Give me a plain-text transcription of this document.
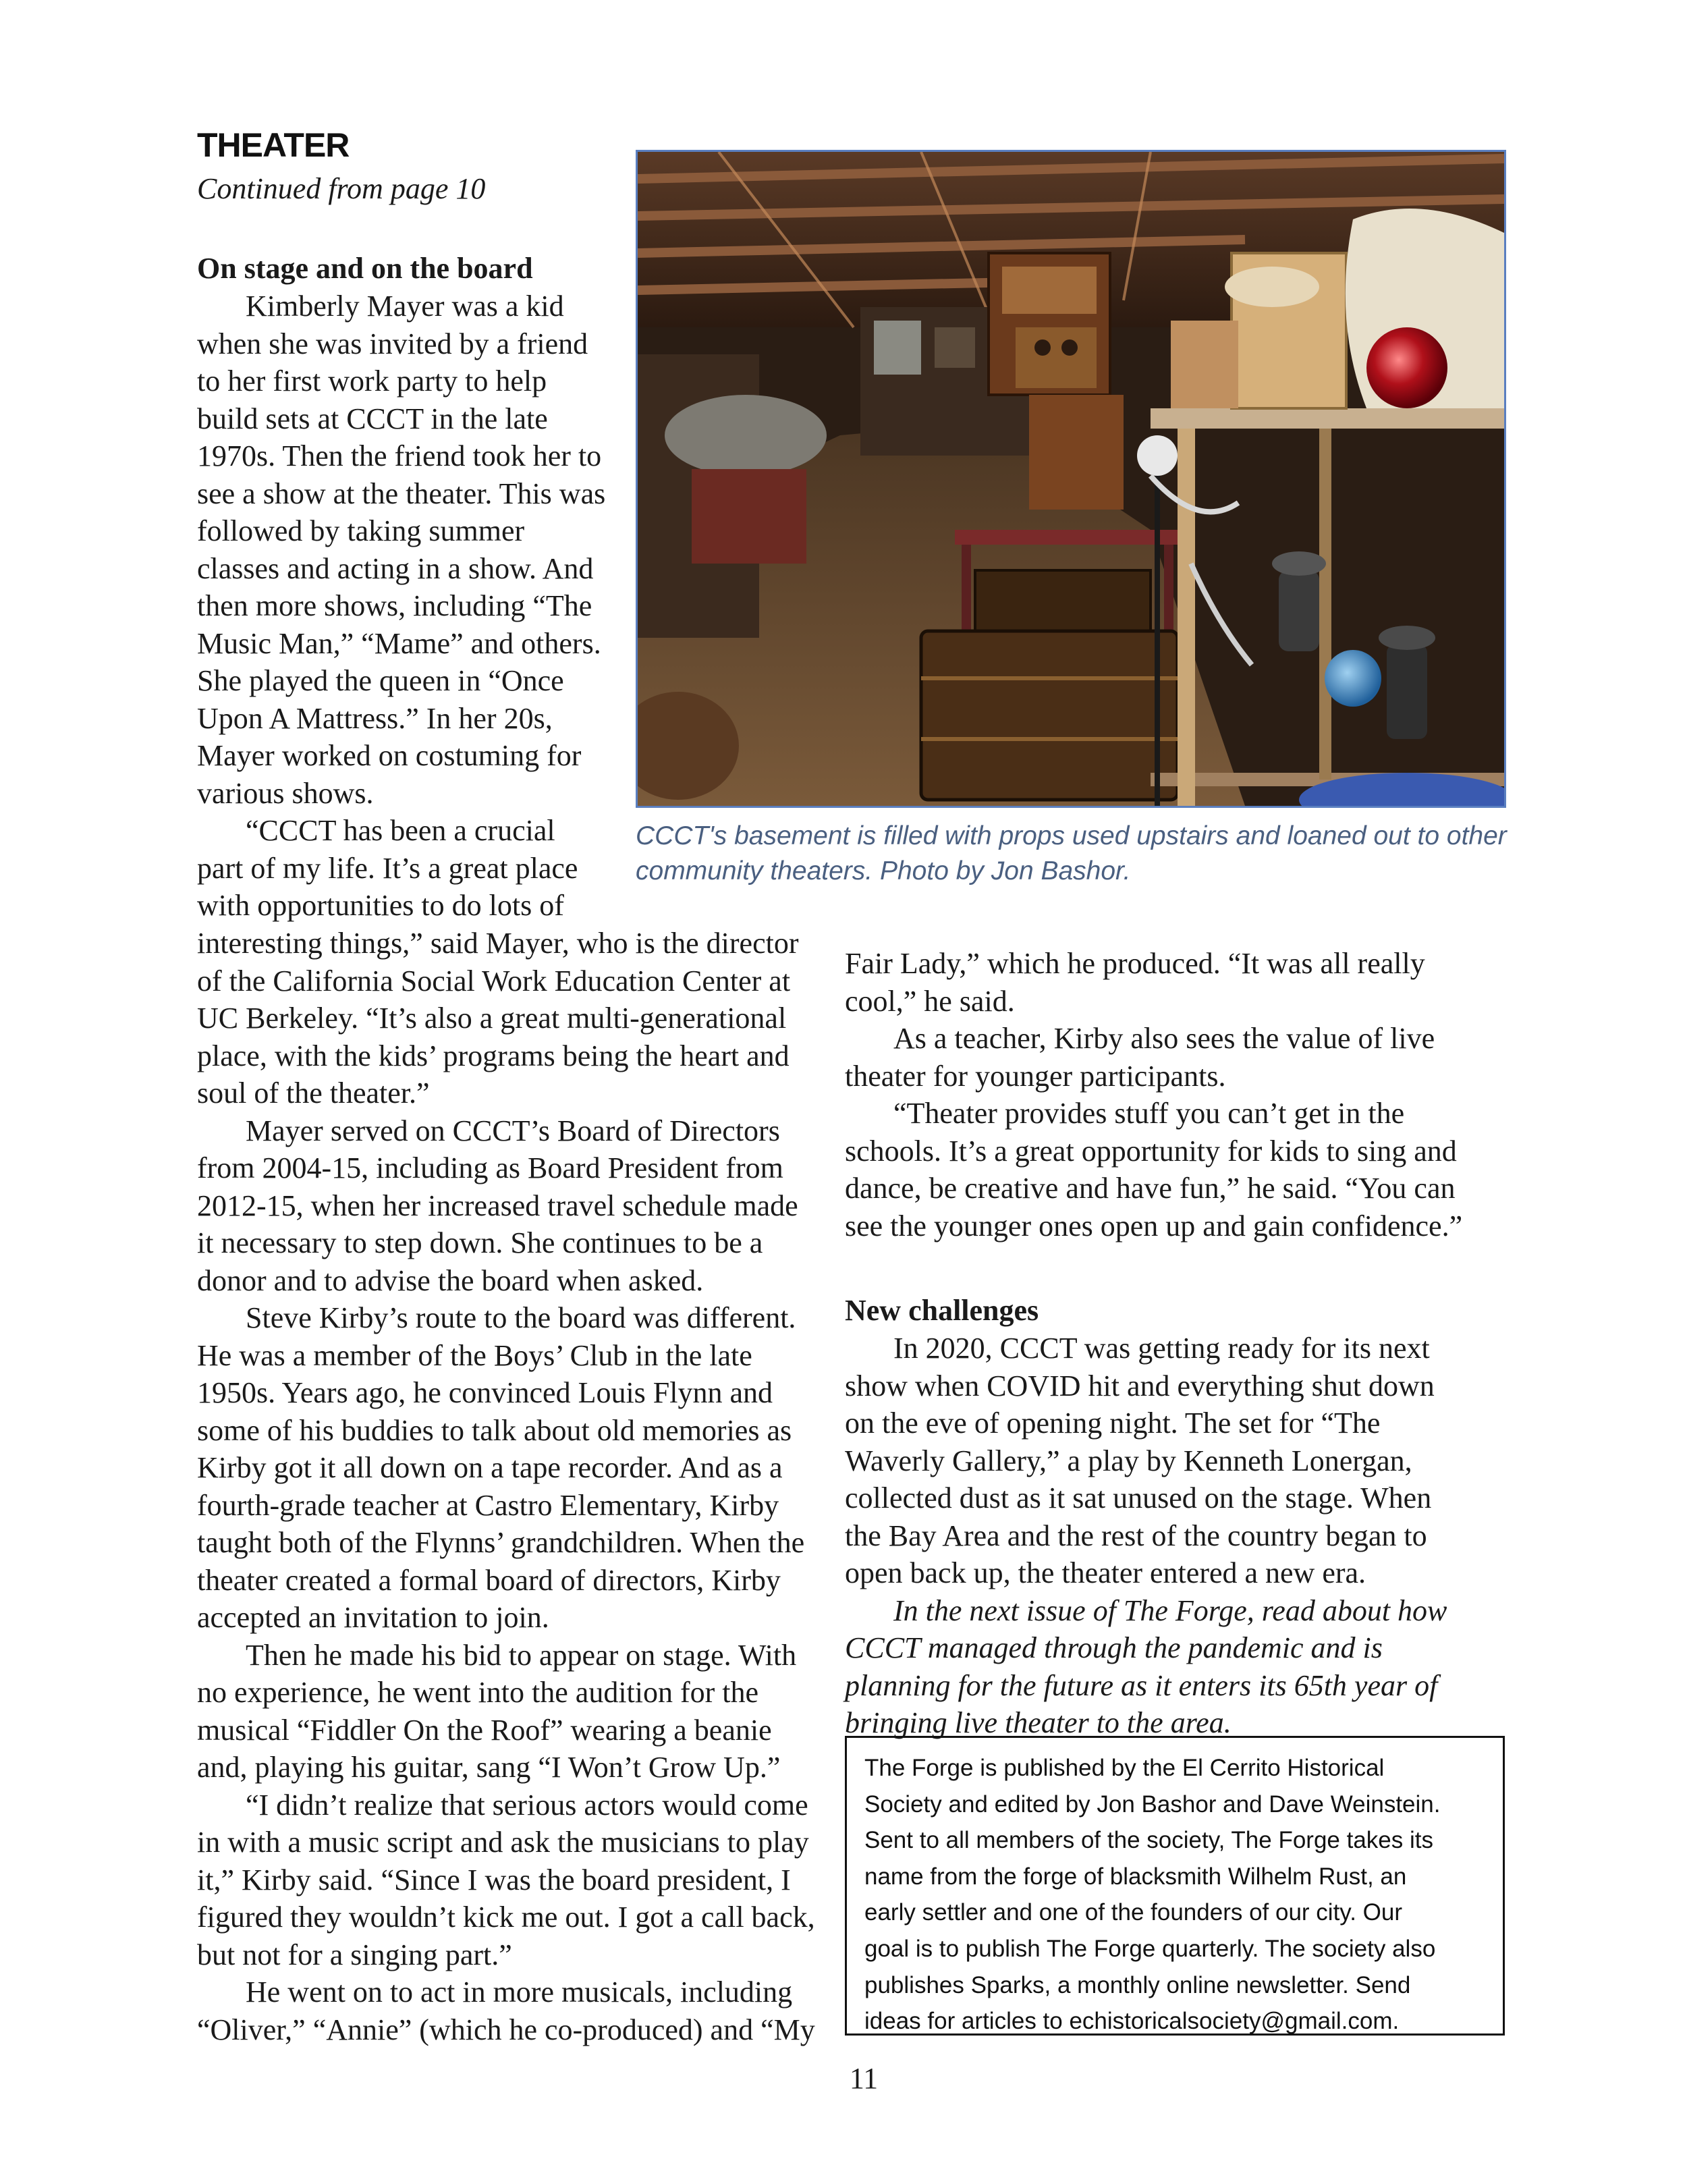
THEATER
Continued from page 10
On stage and on the board

Kimberly Mayer was a kid

when she was invited by a friend

to her first work party to help

build sets at CCCT in the late

1970s. Then the friend took her to

see a show at the theater. This was

followed by taking summer

classes and acting in a show. And

then more shows, including “The

Music Man,” “Mame” and others.

She played the queen in “Once

Upon A Mattress.” In her 20s,

Mayer worked on costuming for

various shows.

“CCCT has been a crucial

part of my life. It’s a great place

with opportunities to do lots of

CCCT's basement is filled with props used upstairs and loaned out to other community theaters. Photo by Jon Bashor.

interesting things,” said Mayer, who is the director

of the California Social Work Education Center at

UC Berkeley. “It’s also a great multi-generational

place, with the kids’ programs being the heart and

soul of the theater.”

Mayer served on CCCT’s Board of Directors

from 2004-15, including as Board President from

2012-15, when her increased travel schedule made

it necessary to step down. She continues to be a

donor and to advise the board when asked.

Steve Kirby’s route to the board was different.

He was a member of the Boys’ Club in the late

1950s. Years ago, he convinced Louis Flynn and

some of his buddies to talk about old memories as

Kirby got it all down on a tape recorder. And as a

fourth-grade teacher at Castro Elementary, Kirby

taught both of the Flynns’ grandchildren. When the

theater created a formal board of directors, Kirby

accepted an invitation to join.

Then he made his bid to appear on stage. With

no experience, he went into the audition for the

musical “Fiddler On the Roof” wearing a beanie

and, playing his guitar, sang “I Won’t Grow Up.”

“I didn’t realize that serious actors would come

in with a music script and ask the musicians to play

it,” Kirby said. “Since I was the board president, I

figured they wouldn’t kick me out. I got a call back,

but not for a singing part.”

He went on to act in more musicals, including

“Oliver,” “Annie” (which he co-produced) and “My

Fair Lady,” which he produced. “It was all really

cool,” he said.

As a teacher, Kirby also sees the value of live

theater for younger participants.

“Theater provides stuff you can’t get in the

schools. It’s a great opportunity for kids to sing and

dance, be creative and have fun,” he said. “You can

see the younger ones open up and gain confidence.”

New challenges

In 2020, CCCT was getting ready for its next

show when COVID hit and everything shut down

on the eve of opening night. The set for “The

Waverly Gallery,” a play by Kenneth Lonergan,

collected dust as it sat unused on the stage. When

the Bay Area and the rest of the country began to

open back up, the theater entered a new era.

In the next issue of The Forge, read about how

CCCT managed through the pandemic and is

planning for the future as it enters its 65th year of

bringing live theater to the area.

The Forge is published by the El Cerrito Historical

Society and edited by Jon Bashor and Dave Weinstein.

Sent to all members of the society, The Forge takes its

name from the forge of blacksmith Wilhelm Rust, an

early settler and one of the founders of our city. Our

goal is to publish The Forge quarterly. The society also

publishes Sparks, a monthly online newsletter. Send

ideas for articles to echistoricalsociety@gmail.com.

11
